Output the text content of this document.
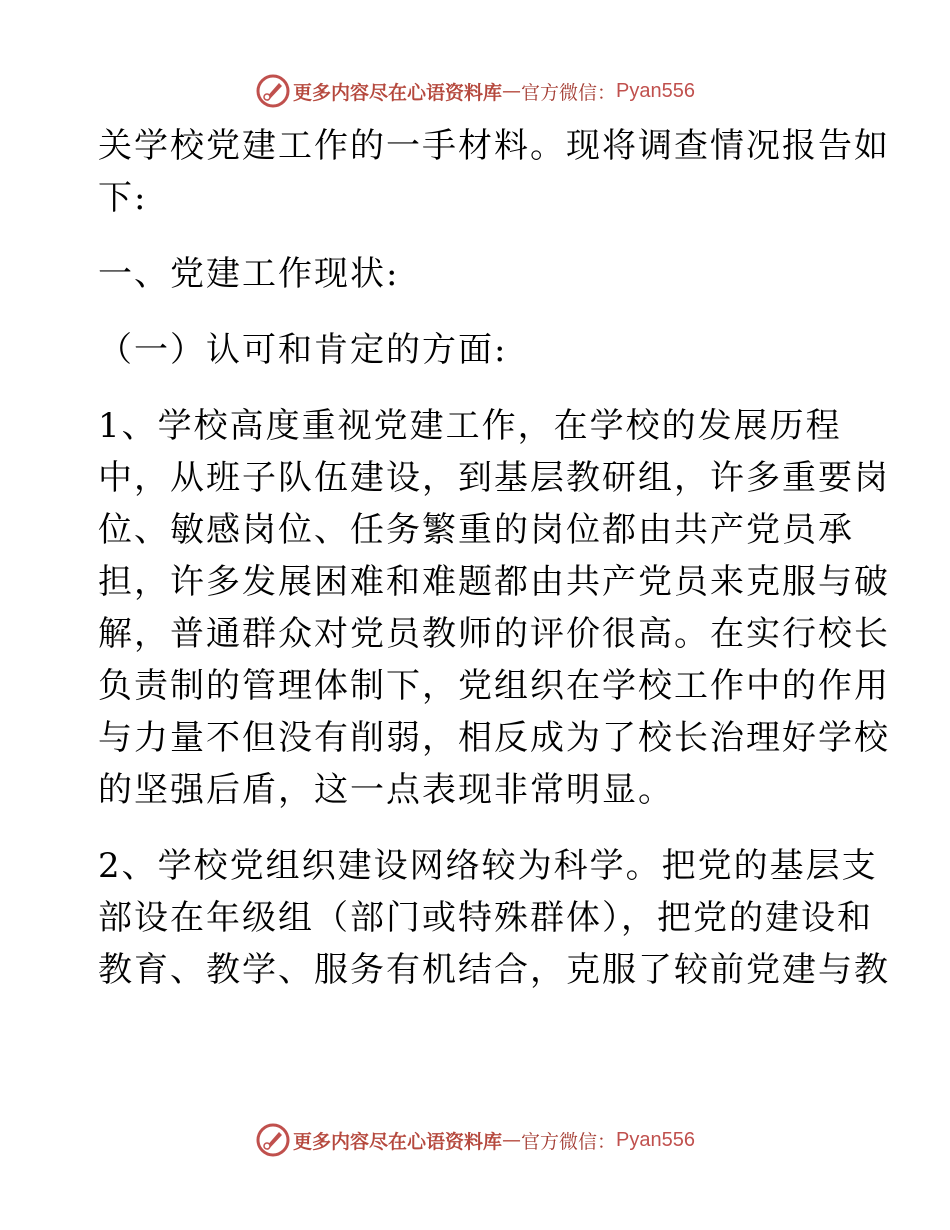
更多内容尽在心语资料库 — 官方微信： Pyan556
关学校党建工作的一手材料。现将调查情况报告如
下:
一、党建工作现状:
（一）认可和肯定的方面:
1、学校高度重视党建工作，在学校的发展历程
中，从班子队伍建设，到基层教研组，许多重要岗
位、敏感岗位、任务繁重的岗位都由共产党员承
担，许多发展困难和难题都由共产党员来克服与破
解，普通群众对党员教师的评价很高。在实行校长
负责制的管理体制下，党组织在学校工作中的作用
与力量不但没有削弱，相反成为了校长治理好学校
的坚强后盾，这一点表现非常明显。
2、学校党组织建设网络较为科学。把党的基层支
部设在年级组（部门或特殊群体），把党的建设和
教育、教学、服务有机结合，克服了较前党建与教
更多内容尽在心语资料库 — 官方微信： Pyan556
